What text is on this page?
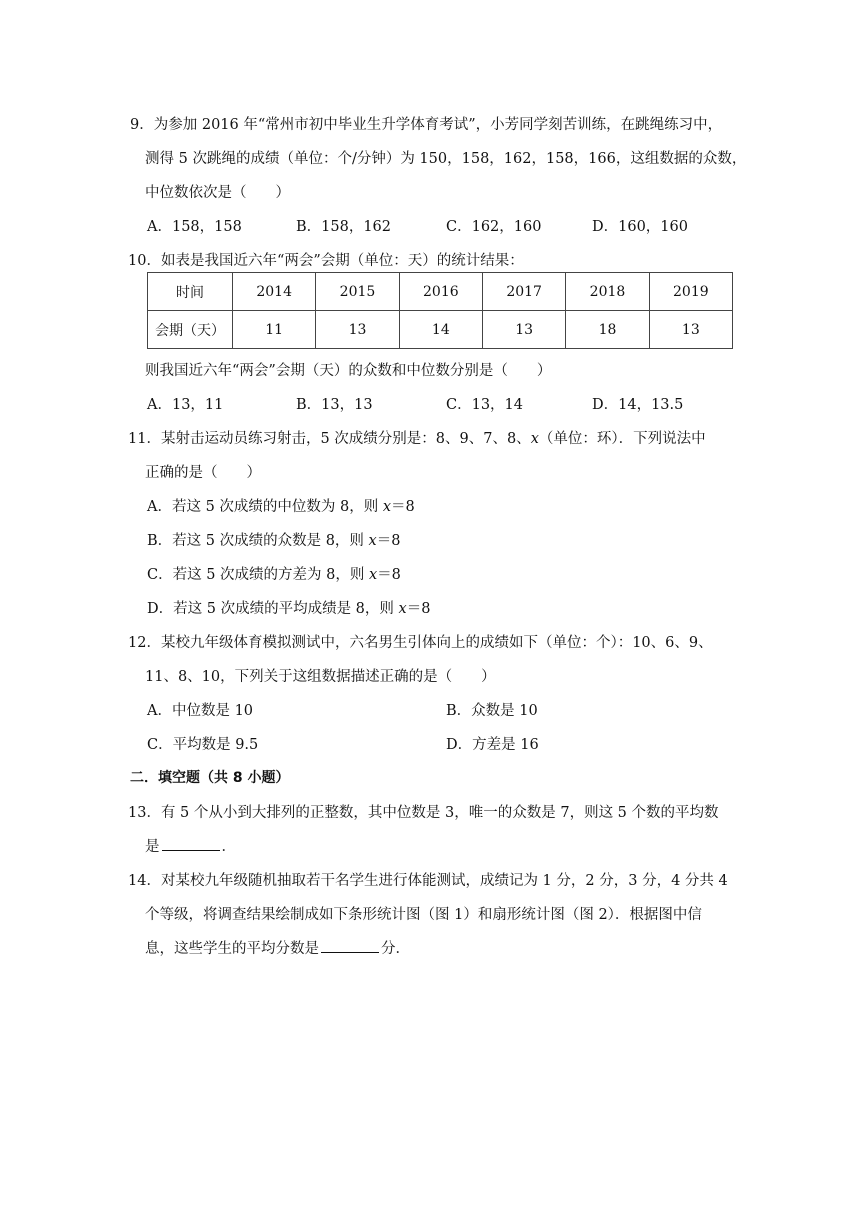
9．为参加 2016 年“常州市初中毕业生升学体育考试”，小芳同学刻苦训练，在跳绳练习中，
测得 5 次跳绳的成绩（单位：个/分钟）为 150，158，162，158，166，这组数据的众数，
中位数依次是（　　）
A．158，158	B．158，162	C．162，160	D．160，160
10．如表是我国近六年“两会”会期（单位：天）的统计结果：
时间	2014	2015	2016	2017	2018	2019
会期（天）	11	13	14	13	18	13
则我国近六年“两会”会期（天）的众数和中位数分别是（　　）
A．13，11	B．13，13	C．13，14	D．14，13.5
11．某射击运动员练习射击，5 次成绩分别是：8、9、7、8、x（单位：环）．下列说法中
正确的是（　　）
A．若这 5 次成绩的中位数为 8，则 x＝8
B．若这 5 次成绩的众数是 8，则 x＝8
C．若这 5 次成绩的方差为 8，则 x＝8
D．若这 5 次成绩的平均成绩是 8，则 x＝8
12．某校九年级体育模拟测试中，六名男生引体向上的成绩如下（单位：个）：10、6、9、
11、8、10，下列关于这组数据描述正确的是（　　）
A．中位数是 10	B．众数是 10
C．平均数是 9.5	D．方差是 16
二．填空题（共 8 小题）
13．有 5 个从小到大排列的正整数，其中位数是 3，唯一的众数是 7，则这 5 个数的平均数
是	．
14．对某校九年级随机抽取若干名学生进行体能测试，成绩记为 1 分，2 分，3 分，4 分共 4
个等级，将调查结果绘制成如下条形统计图（图 1）和扇形统计图（图 2）．根据图中信
息，这些学生的平均分数是	分．
